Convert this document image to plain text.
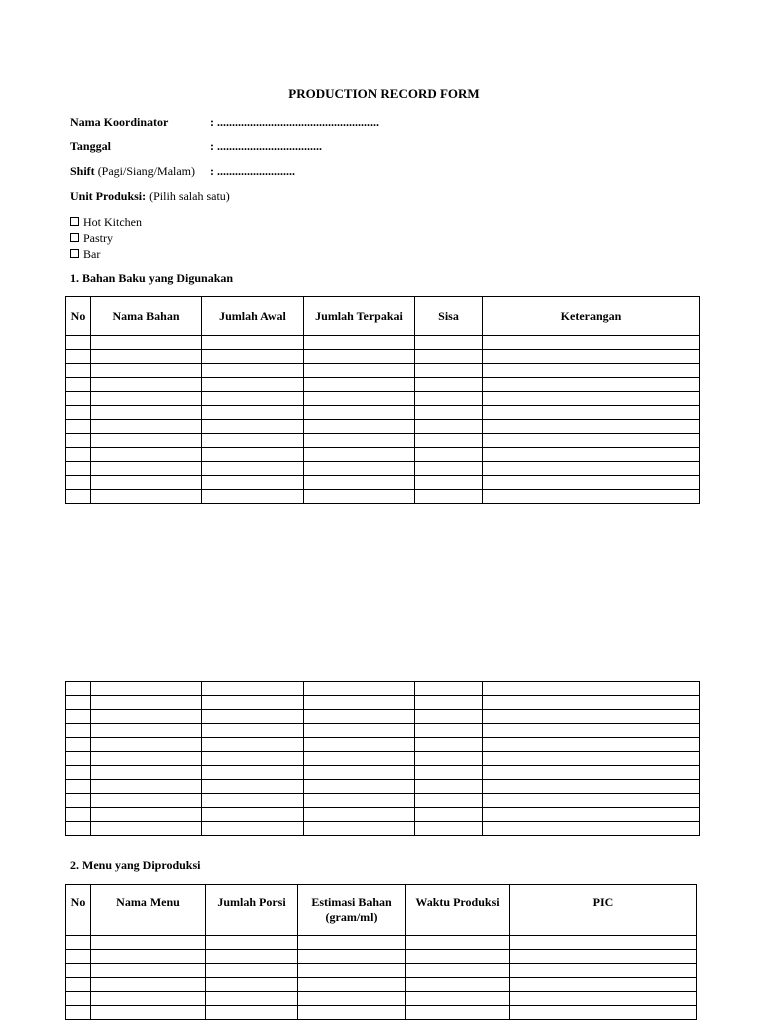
PRODUCTION RECORD FORM
Nama Koordinator	: ......................................................
Tanggal	: ...................................
Shift (Pagi/Siang/Malam) : ..........................
Unit Produksi: (Pilih salah satu)
Hot Kitchen
Pastry
Bar
1. Bahan Baku yang Digunakan
No	Nama Bahan	Jumlah Awal	Jumlah Terpakai	Sisa	Keterangan

2. Menu yang Diproduksi
No	Nama Menu	Jumlah Porsi	Estimasi Bahan (gram/ml)	Waktu Produksi	PIC
